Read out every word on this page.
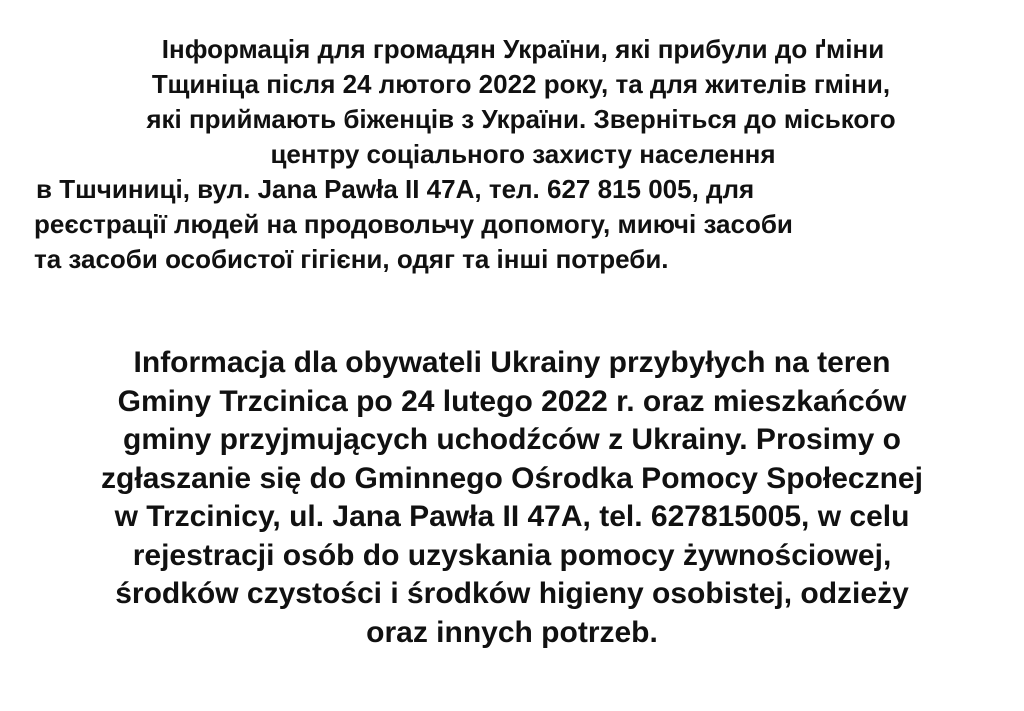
Інформація для громадян України, які прибули до ґміни
Тщиніца після 24 лютого 2022 року, та для жителів гміни,
які приймають біженців з України. Зверніться до міського
центру соціального захисту населення
в Тшчиниці, вул. Jana Pawła II 47A, тел. 627 815 005, для
реєстрації людей на продовольчу допомогу, миючі засоби
та засоби особистої гігієни, одяг та інші потреби.
Informacja dla obywateli Ukrainy przybyłych na teren
Gminy Trzcinica po 24 lutego 2022 r. oraz mieszkańców
gminy przyjmujących uchodźców z Ukrainy. Prosimy o
zgłaszanie się do Gminnego Ośrodka Pomocy Społecznej
w Trzcinicy, ul. Jana Pawła II 47A, tel. 627815005, w celu
rejestracji osób do uzyskania pomocy żywnościowej,
środków czystości i środków higieny osobistej, odzieży
oraz innych potrzeb.
